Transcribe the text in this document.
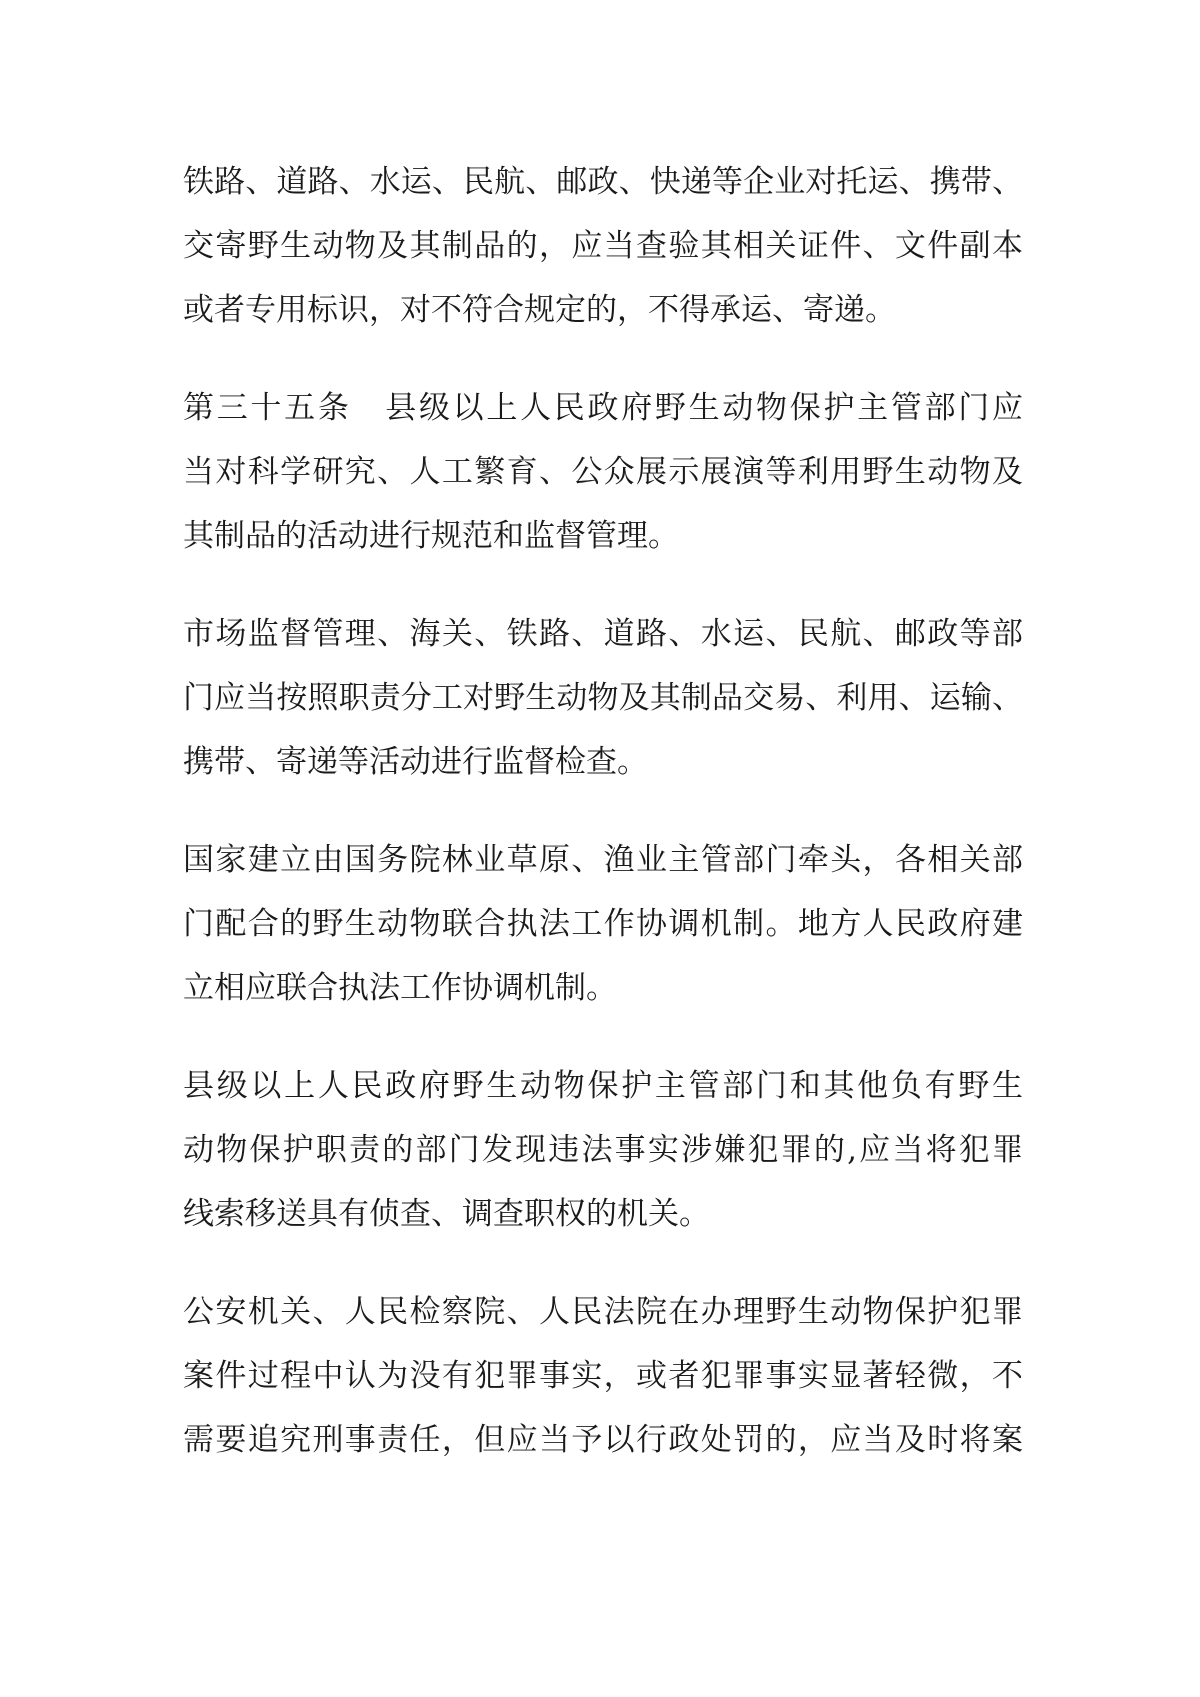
铁路、道路、水运、民航、邮政、快递等企业对托运、携带、
交寄野生动物及其制品的，应当查验其相关证件、文件副本
或者专用标识，对不符合规定的，不得承运、寄递。
第三十五条　县级以上人民政府野生动物保护主管部门应
当对科学研究、人工繁育、公众展示展演等利用野生动物及
其制品的活动进行规范和监督管理。
市场监督管理、海关、铁路、道路、水运、民航、邮政等部
门应当按照职责分工对野生动物及其制品交易、利用、运输、
携带、寄递等活动进行监督检查。
国家建立由国务院林业草原、渔业主管部门牵头，各相关部
门配合的野生动物联合执法工作协调机制。地方人民政府建
立相应联合执法工作协调机制。
县级以上人民政府野生动物保护主管部门和其他负有野生
动物保护职责的部门发现违法事实涉嫌犯罪的,应当将犯罪
线索移送具有侦查、调查职权的机关。
公安机关、人民检察院、人民法院在办理野生动物保护犯罪
案件过程中认为没有犯罪事实，或者犯罪事实显著轻微，不
需要追究刑事责任，但应当予以行政处罚的，应当及时将案
